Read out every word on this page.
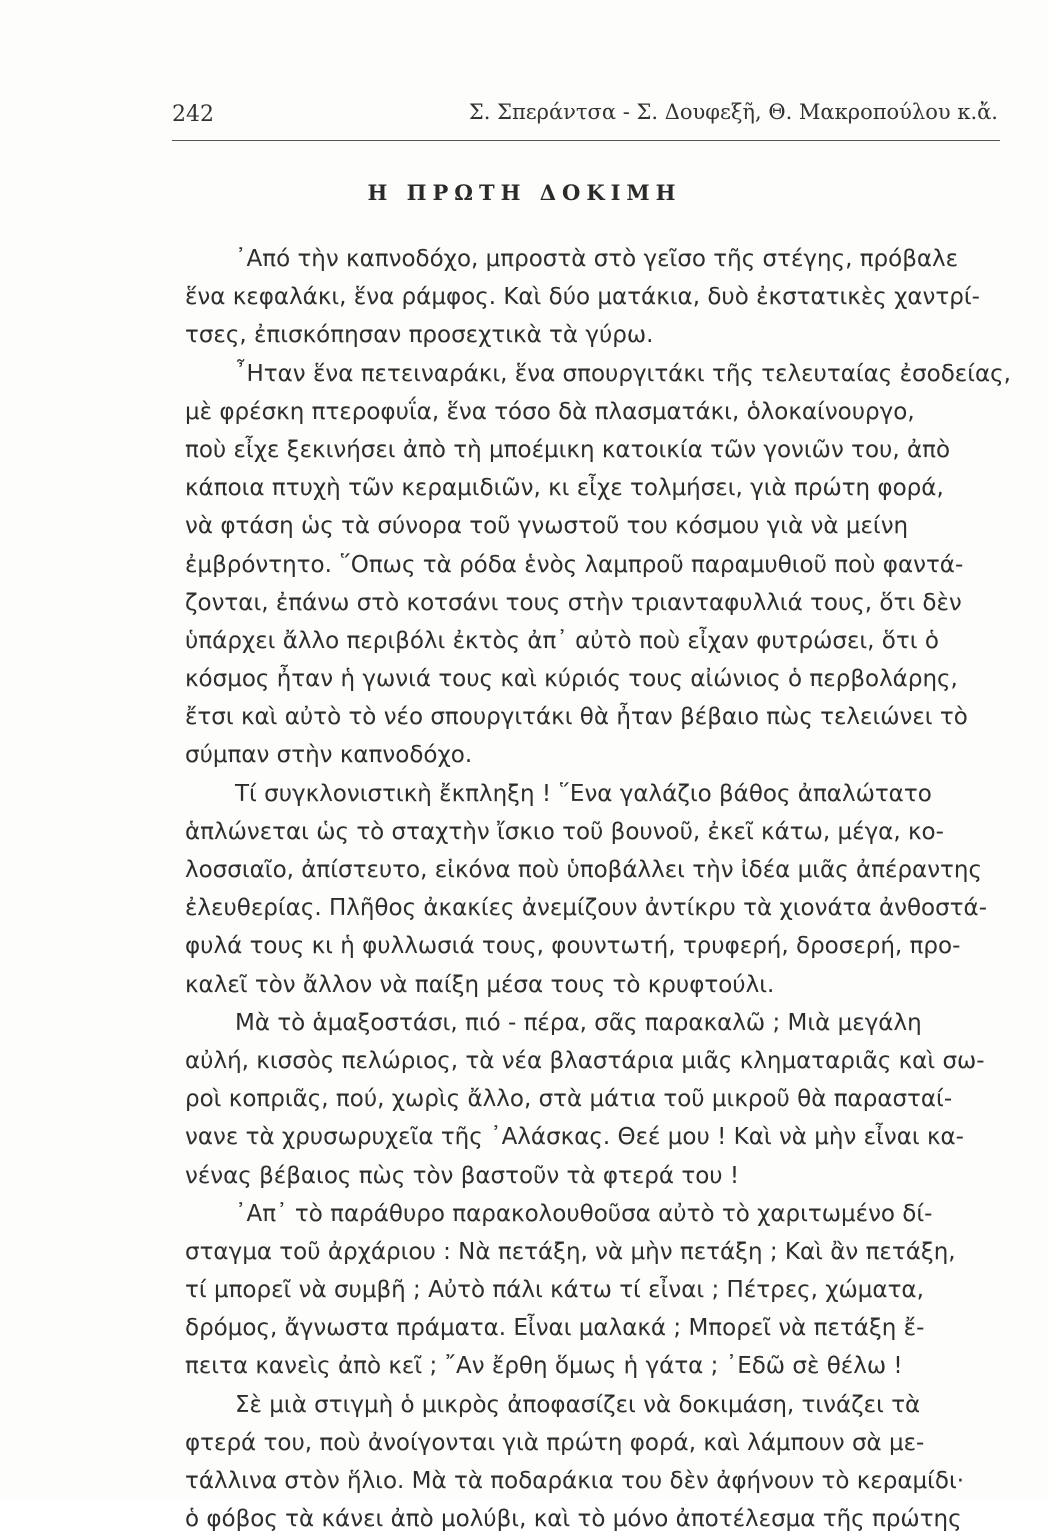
242	Σ. Σπεράντσα - Σ. Δουφεξῆ, Θ. Μακροπούλου κ.ἄ.
Η ΠΡΩΤΗ ΔΟΚΙΜΗ
᾿Από τὴν καπνοδόχο, μπροστὰ στὸ γεῖσο τῆς στέγης, πρόβαλε
ἕνα κεφαλάκι, ἕνα ράμφος. Καὶ δύο ματάκια, δυὸ ἐκστατικὲς χαντρί-
τσες, ἐπισκόπησαν προσεχτικὰ τὰ γύρω.
῏Ηταν ἕνα πετειναράκι, ἕνα σπουργιτάκι τῆς τελευταίας ἐσοδείας,
μὲ φρέσκη πτεροφυΐα, ἕνα τόσο δὰ πλασματάκι, ὁλοκαίνουργο,
ποὺ εἶχε ξεκινήσει ἀπὸ τὴ μποέμικη κατοικία τῶν γονιῶν του, ἀπὸ
κάποια πτυχὴ τῶν κεραμιδιῶν, κι εἶχε τολμήσει, γιὰ πρώτη φορά,
νὰ φτάση ὡς τὰ σύνορα τοῦ γνωστοῦ του κόσμου γιὰ νὰ μείνη
ἐμβρόντητο. ῞Οπως τὰ ρόδα ἑνὸς λαμπροῦ παραμυθιοῦ ποὺ φαντά-
ζονται, ἐπάνω στὸ κοτσάνι τους στὴν τριανταφυλλιά τους, ὅτι δὲν
ὑπάρχει ἄλλο περιβόλι ἐκτὸς ἀπ᾿ αὐτὸ ποὺ εἶχαν φυτρώσει, ὅτι ὁ
κόσμος ἦταν ἡ γωνιά τους καὶ κύριός τους αἰώνιος ὁ περβολάρης,
ἔτσι καὶ αὐτὸ τὸ νέο σπουργιτάκι θὰ ἦταν βέβαιο πὼς τελειώνει τὸ
σύμπαν στὴν καπνοδόχο.
Τί συγκλονιστικὴ ἔκπληξη ! ῞Ενα γαλάζιο βάθος ἀπαλώτατο
ἁπλώνεται ὡς τὸ σταχτὴν ἴσκιο τοῦ βουνοῦ, ἐκεῖ κάτω, μέγα, κο-
λοσσιαῖο, ἀπίστευτο, εἰκόνα ποὺ ὑποβάλλει τὴν ἰδέα μιᾶς ἀπέραντης
ἐλευθερίας. Πλῆθος ἀκακίες ἀνεμίζουν ἀντίκρυ τὰ χιονάτα ἀνθοστά-
φυλά τους κι ἡ φυλλωσιά τους, φουντωτή, τρυφερή, δροσερή, προ-
καλεῖ τὸν ἄλλον νὰ παίξη μέσα τους τὸ κρυφτούλι.
Μὰ τὸ ἁμαξοστάσι, πιό - πέρα, σᾶς παρακαλῶ ; Μιὰ μεγάλη
αὐλή, κισσὸς πελώριος, τὰ νέα βλαστάρια μιᾶς κληματαριᾶς καὶ σω-
ροὶ κοπριᾶς, πού, χωρὶς ἄλλο, στὰ μάτια τοῦ μικροῦ θὰ παρασταί-
νανε τὰ χρυσωρυχεῖα τῆς ᾿Αλάσκας. Θεέ μου ! Καὶ νὰ μὴν εἶναι κα-
νένας βέβαιος πὼς τὸν βαστοῦν τὰ φτερά του !
᾿Απ᾿ τὸ παράθυρο παρακολουθοῦσα αὐτὸ τὸ χαριτωμένο δί-
σταγμα τοῦ ἀρχάριου : Νὰ πετάξη, νὰ μὴν πετάξη ; Καὶ ἂν πετάξη,
τί μπορεῖ νὰ συμβῆ ; Αὐτὸ πάλι κάτω τί εἶναι ; Πέτρες, χώματα,
δρόμος, ἄγνωστα πράματα. Εἶναι μαλακά ; Μπορεῖ νὰ πετάξη ἔ-
πειτα κανεὶς ἀπὸ κεῖ ; ῎Αν ἔρθη ὅμως ἡ γάτα ; ᾿Εδῶ σὲ θέλω !
Σὲ μιὰ στιγμὴ ὁ μικρὸς ἀποφασίζει νὰ δοκιμάση, τινάζει τὰ
φτερά του, ποὺ ἀνοίγονται γιὰ πρώτη φορά, καὶ λάμπουν σὰ με-
τάλλινα στὸν ἥλιο. Μὰ τὰ ποδαράκια του δὲν ἀφήνουν τὸ κεραμίδι·
ὁ φόβος τὰ κάνει ἀπὸ μολύβι, καὶ τὸ μόνο ἀποτέλεσμα τῆς πρώτης
